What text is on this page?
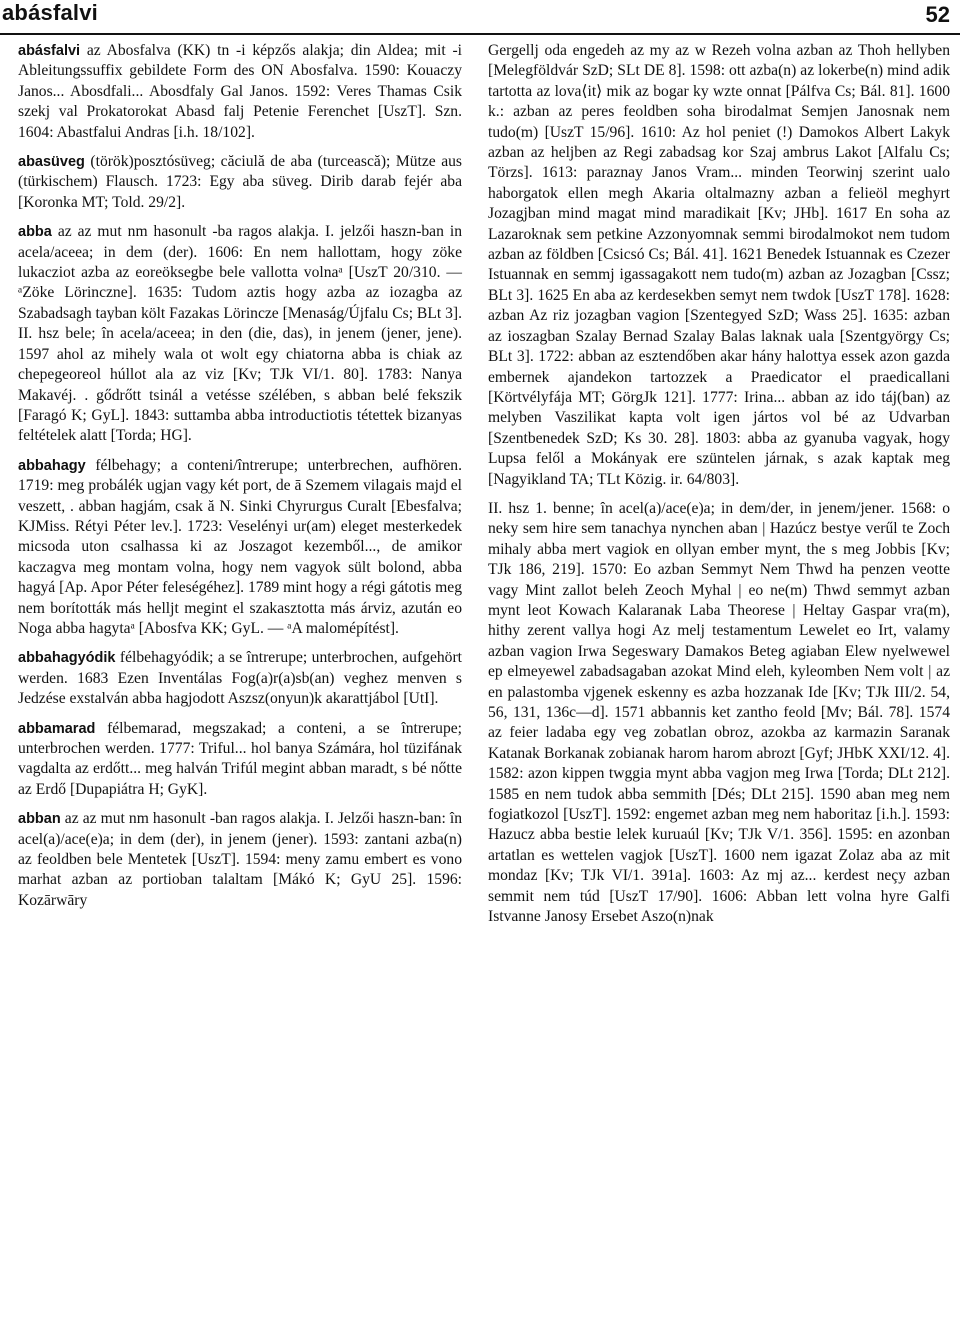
abásfalvi	52

abásfalvi az Abosfalva (KK) tn -i képzős alakja; din Aldea; mit -i Ableitungssuffix gebildete Form des ON Abosfalva. 1590: Kouaczy Janos... Abosdfali... Abosdfaly Gal Janos. 1592: Veres Thamas Csik szekj val Prokatorokat Abasd falj Petenie Ferenchet [UszT]. Szn. 1604: Abastfalui Andras [i.h. 18/102].

abasüveg (török)posztósüveg; căciulă de aba (turcească); Mütze aus (türkischem) Flausch. 1723: Egy aba süveg. Dirib darab fejér aba [Koronka MT; Told. 29/2].

abba az az mut nm hasonult -ba ragos alakja. I. jelzői haszn-ban in acela/aceea; in dem (der). 1606: En nem hallottam, hogy zöke lukacziot azba az eoreöksegbe bele vallotta volnaᵃ [UszT 20/310. — ᵃZöke Lörinczne]. 1635: Tudom aztis hogy azba az iozagba az Szabadsagh tayban költ Fazakas Lörincze [Menaság/Újfalu Cs; BLt 3]. II. hsz bele; în acela/aceea; in den (die, das), in jenem (jener, jene). 1597 ahol az mihely wala ot wolt egy chiatorna abba is chiak az chepegeoreol húllot ala az viz [Kv; TJk VI/1. 80]. 1783: Nanya Makavéj. . gődrőtt tsinál a vetésse szélében, s abban belé fekszik [Faragó K; GyL]. 1843: suttamba abba introductiotis tétettek bizanyas feltételek alatt [Torda; HG].

abbahagy félbehagy; a conteni/întrerupe; unterbrechen, aufhören. 1719: meg probálék ugjan vagy két port, de ā Szemem vilagais majd el veszett, . abban hagjám, csak ă N. Sinki Chyrurgus Curalt [Ebesfalva; KJMiss. Rétyi Péter lev.]. 1723: Veselényi ur(am) eleget mesterkedek micsoda uton csalhassa ki az Joszagot kezemből..., de amikor kaczagva meg montam volna, hogy nem vagyok sült bolond, abba hagyá [Ap. Apor Péter feleségéhez]. 1789 mint hogy a régi gátotis meg nem borították más helljt megint el szakasztotta más árviz, azután eo Noga abba hagytaᵃ [Abosfva KK; GyL. — ᵃA malomépítést].

abbahagyódik félbehagyódik; a se întrerupe; unterbrochen, aufgehört werden. 1683 Ezen Inventálas Fog(a)r(a)sb(an) veghez menven s Jedzése exstalván abba hagjodott Aszsz(onyun)k akarattjábol [UtI].

abbamarad félbemarad, megszakad; a conteni, a se întrerupe; unterbrochen werden. 1777: Triful... hol banya Számára, hol tüzifának vagdalta az erdőtt... meg halván Trifúl megint abban maradt, s bé nőtte az Erdő [Dupapiátra H; GyK].

abban az az mut nm hasonult -ban ragos alakja. I. Jelzői haszn-ban: în acel(a)/ace(e)a; in dem (der), in jenem (jener). 1593: zantani azba(n) az feoldben bele Mentetek [UszT]. 1594: meny zamu embert es vono marhat azban az portioban talaltam [Mákó K; GyU 25]. 1596: Kozārwāry

Gergellj oda engedeh az my az w Rezeh volna azban az Thoh hellyben [Melegföldvár SzD; SLt DE 8]. 1598: ott azba(n) az lokerbe(n) mind adik tartotta az lova⟨it⟩ mik az bogar ky wzte onnat [Pálfva Cs; Bál. 81]. 1600 k.: azban az peres feoldben soha birodalmat Semjen Janosnak nem tudo(m) [UszT 15/96]. 1610: Az hol peniet (!) Damokos Albert Lakyk azban az heljben az Regi zabadsag kor Szaj ambrus Lakot [Alfalu Cs; Törzs]. 1613: paraznay Janos Vram... minden Teorwinj szerint ualo haborgatok ellen megh Akaria oltalmazny azban a felieöl meghyrt Jozagjban mind magat mind maradikait [Kv; JHb]. 1617 En soha az Lazaroknak sem petkine Azzonyomnak semmi birodalmokot nem tudom azban az földben [Csicsó Cs; Bál. 41]. 1621 Benedek Istuannak es Czezer Istuannak en semmj igassagakott nem tudo(m) azban az Jozagban [Cssz; BLt 3]. 1625 En aba az kerdesekben semyt nem twdok [UszT 178]. 1628: azban Az riz jozagban vagion [Szentegyed SzD; Wass 25]. 1635: azban az ioszagban Szalay Bernad Szalay Balas laknak uala [Szentgyörgy Cs; BLt 3]. 1722: abban az esztendőben akar hány halottya essek azon gazda embernek ajandekon tartozzek a Praedicator el praedicallani [Körtvélyfája MT; GörgJk 121]. 1777: Irina... abban az ido táj(ban) az melyben Vaszilikat kapta volt igen jártos vol bé az Udvarban [Szentbenedek SzD; Ks 30. 28]. 1803: abba az gyanuba vagyak, hogy Lupsa felől a Mokányak ere szüntelen járnak, s azak kaptak meg [Nagyikland TA; TLt Közig. ir. 64/803].

II. hsz 1. benne; în acel(a)/ace(e)a; in dem/der, in jenem/jener. 1568: o neky sem hire sem tanachya nynchen aban | Hazúcz bestye verűl te Zoch mihaly abba mert vagiok en ollyan ember mynt, the s meg Jobbis [Kv; TJk 186, 219]. 1570: Eo azban Semmyt Nem Thwd ha penzen veotte vagy Mint zallot beleh Zeoch Myhal | eo ne(m) Thwd semmyt azban mynt leot Kowach Kalaranak Laba Theorese | Heltay Gaspar vra(m), hithy zerent vallya hogi Az melj testamentum Lewelet eo Irt, valamy azban vagion Irwa Segeswary Damakos Beteg agiaban Elew nyelwewel ep elmeyewel zabadsagaban azokat Mind eleh, kyleomben Nem volt | az en palastomba vjgenek eskenny es azba hozzanak Ide [Kv; TJk III/2. 54, 56, 131, 136c—d]. 1571 abbannis ket zantho feold [Mv; Bál. 78]. 1574 az feier ladaba egy veg zobatlan obroz, azokba az karmazin Saranak Katanak Borkanak zobianak harom harom abrozt [Gyf; JHbK XXI/12. 4]. 1582: azon kippen twggia mynt abba vagjon meg Irwa [Torda; DLt 212]. 1585 en nem tudok abba semmith [Dés; DLt 215]. 1590 aban meg nem fogiatkozol [UszT]. 1592: engemet azban meg nem haboritaz [i.h.]. 1593: Hazucz abba bestie lelek kuruaúl [Kv; TJk V/1. 356]. 1595: en azonban artatlan es wettelen vagjok [UszT]. 1600 nem igazat Zolaz aba az mit mondaz [Kv; TJk VI/1. 391a]. 1603: Az mj az... kerdest neçy azban semmit nem túd [UszT 17/90]. 1606: Abban lett volna hyre Galfi Istvanne Janosy Ersebet Aszo(n)nak
